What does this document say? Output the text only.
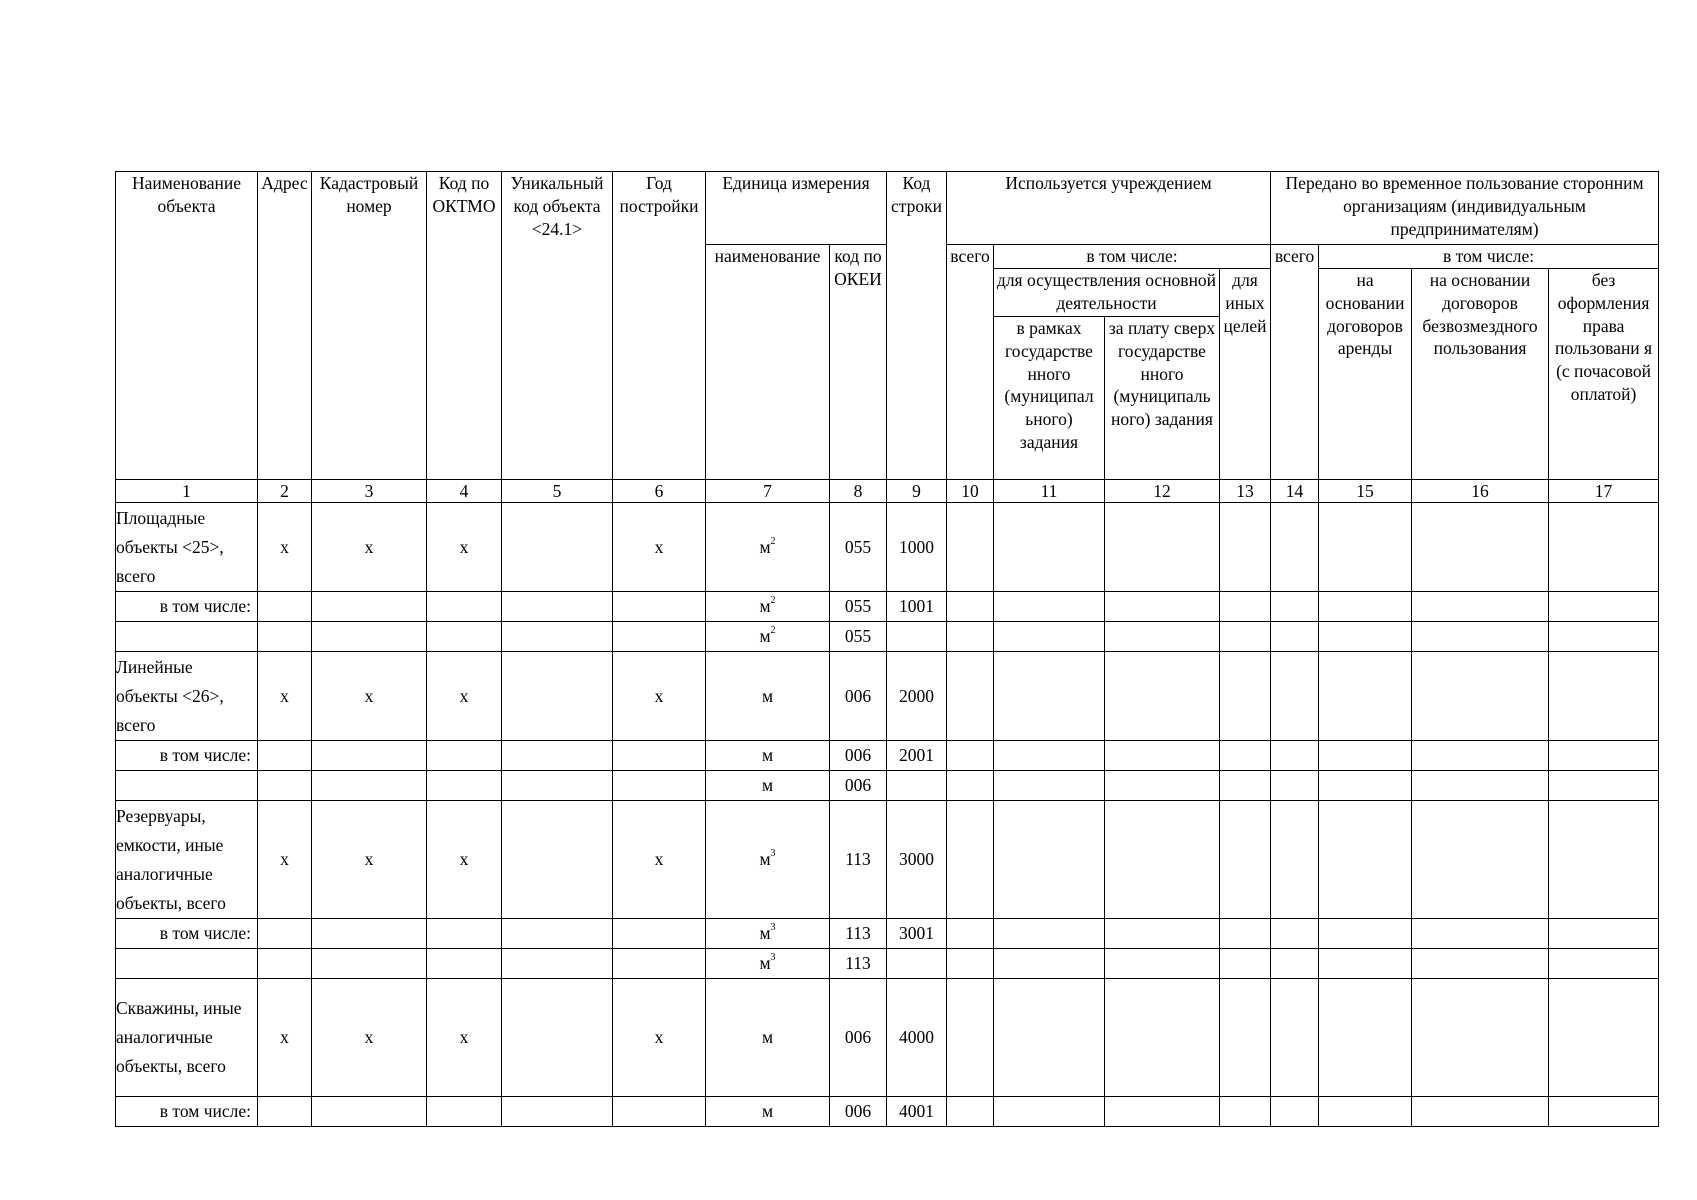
Наименование объекта	Адрес	Кадастровый номер	Код по ОКТМО	Уникальный код объекта <24.1>	Год постройки	Единица измерения		Код строки	Используется учреждением				Передано во временное пользование сторонним организациям (индивидуальным предпринимателям)			
						наименование	код по ОКЕИ		всего	в том числе:			всего	в том числе:		
										для осуществления основной деятельности		для иных целей		на основании договоров аренды	на основании договоров безвозмездного пользования	без оформления права пользовани я (с почасовой оплатой)
										в рамках государстве нного (муниципал ьного) задания	за плату сверх государстве нного (муниципаль ного) задания					
1	2	3	4	5	6	7	8	9	10	11	12	13	14	15	16	17
Площадные объекты <25>, всего	x	x	x		x	$м^2$	055	1000								
в том числе:						$м^2$	055	1001								
						$м^2$	055									
Линейные объекты <26>, всего	x	x	x		x	м	006	2000								
в том числе:						м	006	2001								
						м	006									
Резервуары, емкости, иные аналогичные объекты, всего	x	x	x		x	$м^3$	113	3000								
в том числе:						$м^3$	113	3001								
						$м^3$	113									
Скважины, иные аналогичные объекты, всего	x	x	x		x	м	006	4000								
в том числе:						м	006	4001								
